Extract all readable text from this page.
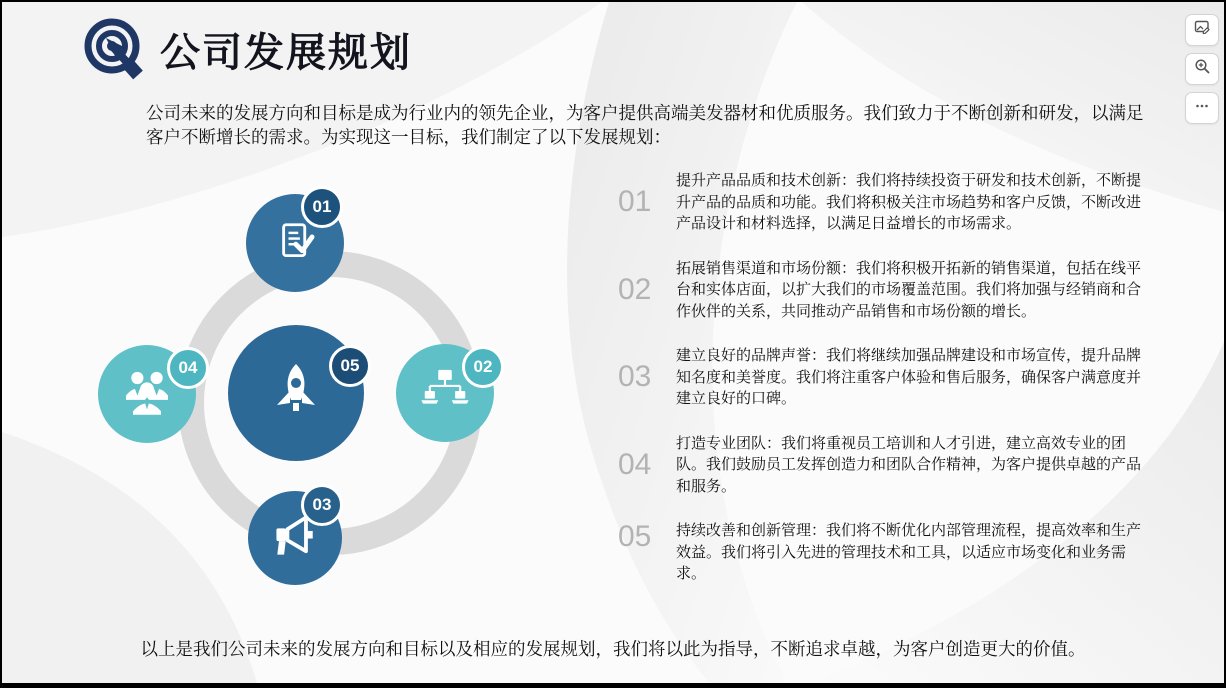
公司发展规划
公司未来的发展方向和目标是成为行业内的领先企业，为客户提供高端美发器材和优质服务。我们致力于不断创新和研发，以满足
客户不断增长的需求。为实现这一目标，我们制定了以下发展规划：
01
02
03
04	05
01
提升产品品质和技术创新：我们将持续投资于研发和技术创新，不断提升产品的品质和功能。我们将积极关注市场趋势和客户反馈，不断改进产品设计和材料选择，以满足日益增长的市场需求。
02
拓展销售渠道和市场份额：我们将积极开拓新的销售渠道，包括在线平台和实体店面，以扩大我们的市场覆盖范围。我们将加强与经销商和合作伙伴的关系，共同推动产品销售和市场份额的增长。
03
建立良好的品牌声誉：我们将继续加强品牌建设和市场宣传，提升品牌知名度和美誉度。我们将注重客户体验和售后服务，确保客户满意度并建立良好的口碑。
04
打造专业团队：我们将重视员工培训和人才引进，建立高效专业的团队。我们鼓励员工发挥创造力和团队合作精神，为客户提供卓越的产品和服务。
05	持续改善和创新管理：我们将不断优化内部管理流程，提高效率和生产效益。我们将引入先进的管理技术和工具，以适应市场变化和业务需求。
以上是我们公司未来的发展方向和目标以及相应的发展规划，我们将以此为指导，不断追求卓越，为客户创造更大的价值。
